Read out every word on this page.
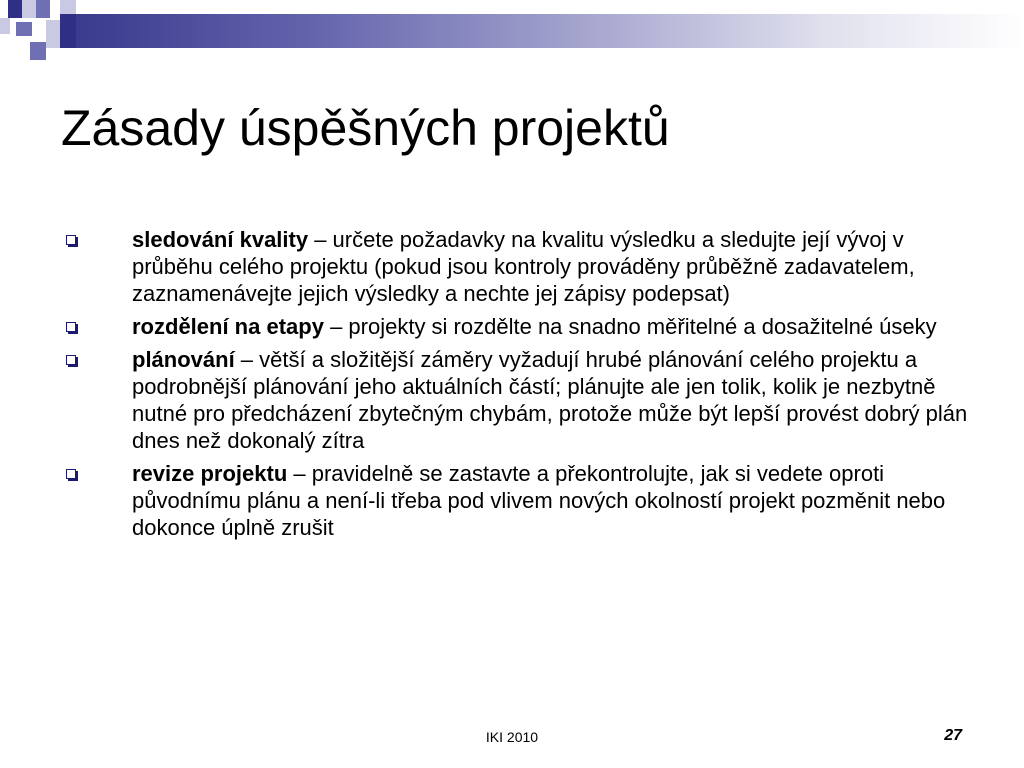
Zásady úspěšných projektů
sledování kvality – určete požadavky na kvalitu výsledku a sledujte její vývoj v průběhu celého projektu (pokud jsou kontroly prováděny průběžně zadavatelem, zaznamenávejte jejich výsledky a nechte jej zápisy podepsat)
rozdělení na etapy – projekty si rozdělte na snadno měřitelné a dosažitelné úseky
plánování – větší a složitější záměry vyžadují hrubé plánování celého projektu a podrobnější plánování jeho aktuálních částí; plánujte ale jen tolik, kolik je nezbytně nutné pro předcházení zbytečným chybám, protože může být lepší provést dobrý plán dnes než dokonalý zítra
revize projektu – pravidelně se zastavte a překontrolujte, jak si vedete oproti původnímu plánu a není-li třeba pod vlivem nových okolností projekt pozměnit nebo dokonce úplně zrušit
IKI 2010	27
